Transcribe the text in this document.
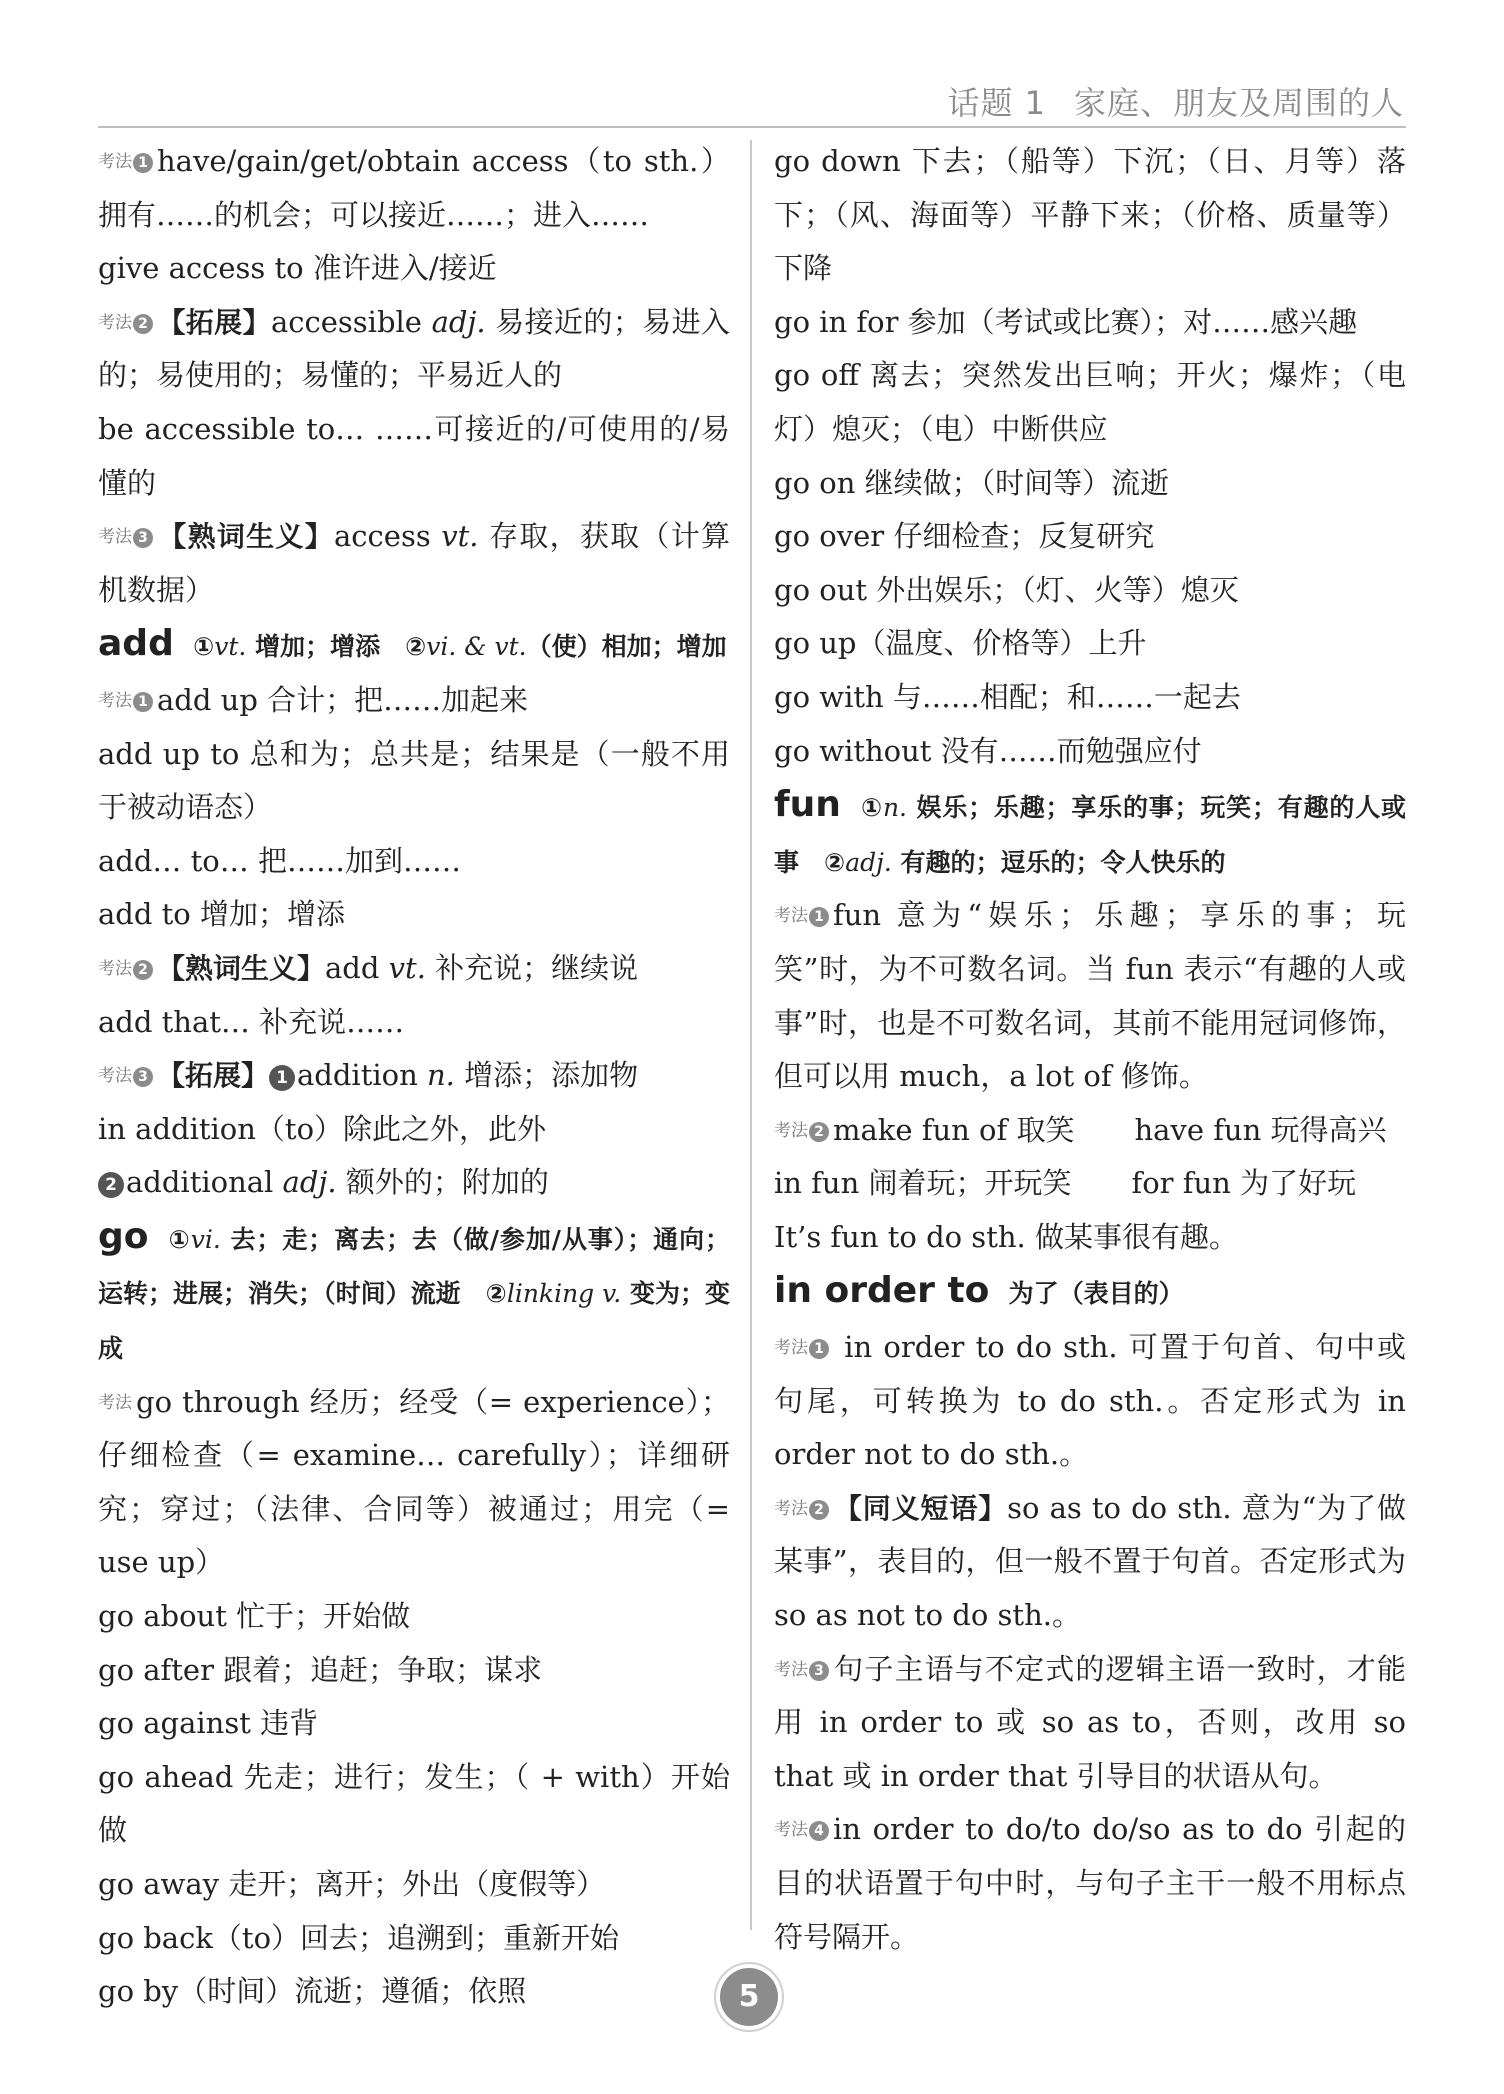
话题 1 家庭、朋友及周围的人

考法 1 have/gain/get/obtain access（to sth.）拥有……的机会；可以接近……；进入……

give access to 准许进入/接近

考法 2 【拓展】accessible adj. 易接近的；易进入的；易使用的；易懂的；平易近人的

be accessible to… ……可接近的/可使用的/易懂的

考法 3 【熟词生义】access vt. 存取，获取（计算机数据）

add ①vt. 增加；增添　②vi. & vt.（使）相加；增加

考法 1 add up 合计；把……加起来

add up to 总和为；总共是；结果是（一般不用于被动语态）

add… to… 把……加到……

add to 增加；增添

考法 2 【熟词生义】add vt. 补充说；继续说

add that… 补充说……

考法 3 【拓展】 1 addition n. 增添；添加物

in addition（to）除此之外，此外

2 additional adj. 额外的；附加的

go ①vi. 去；走；离去；去（做/参加/从事）；通向；运转；进展；消失；（时间）流逝　②linking v. 变为；变成

考法 go through 经历；经受（= experience）；仔细检查（= examine… carefully）；详细研究；穿过；（法律、合同等）被通过；用完（= use up）

go about 忙于；开始做

go after 跟着；追赶；争取；谋求

go against 违背

go ahead 先走；进行；发生；（ + with）开始做

go away 走开；离开；外出（度假等）

go back（to）回去；追溯到；重新开始

go by（时间）流逝；遵循；依照

go down 下去；（船等）下沉；（日、月等）落下；（风、海面等）平静下来；（价格、质量等）下降

go in for 参加（考试或比赛）；对……感兴趣

go off 离去；突然发出巨响；开火；爆炸；（电灯）熄灭；（电）中断供应

go on 继续做；（时间等）流逝

go over 仔细检查；反复研究

go out 外出娱乐；（灯、火等）熄灭

go up（温度、价格等）上升

go with 与……相配；和……一起去

go without 没有……而勉强应付

fun ①n. 娱乐；乐趣；享乐的事；玩笑；有趣的人或事　②adj. 有趣的；逗乐的；令人快乐的

考法 1 fun 意为“娱乐；乐趣；享乐的事；玩笑”时，为不可数名词。当 fun 表示“有趣的人或事”时，也是不可数名词，其前不能用冠词修饰，但可以用 much，a lot of 修饰。

考法 2 make fun of 取笑 have fun 玩得高兴

in fun 闹着玩；开玩笑 for fun 为了好玩

It’s fun to do sth. 做某事很有趣。

in order to 为了（表目的）

考法 1 in order to do sth. 可置于句首、句中或句尾，可转换为 to do sth.。否定形式为 in order not to do sth.。

考法 2 【同义短语】so as to do sth. 意为“为了做某事”，表目的，但一般不置于句首。否定形式为 so as not to do sth.。

考法 3 句子主语与不定式的逻辑主语一致时，才能用 in order to 或 so as to，否则，改用 so that 或 in order that 引导目的状语从句。

考法 4 in order to do/to do/so as to do 引起的目的状语置于句中时，与句子主干一般不用标点符号隔开。

5
